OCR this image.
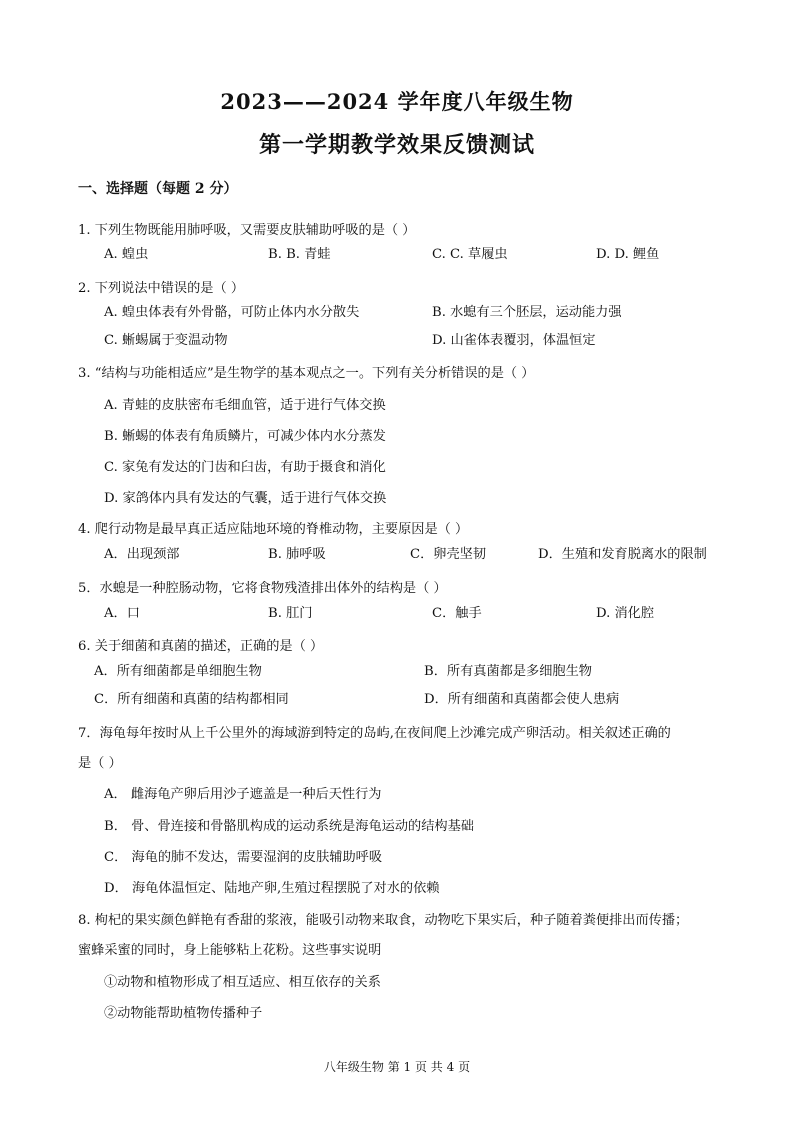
2023——2024 学年度八年级生物
第一学期教学效果反馈测试
一、选择题（每题 2 分）
1. 下列生物既能用肺呼吸，又需要皮肤辅助呼吸的是（ ）
A. 蝗虫	B. B. 青蛙	C. C. 草履虫	D. D. 鲤鱼
2. 下列说法中错误的是（ ）
A. 蝗虫体表有外骨骼，可防止体内水分散失	B. 水螅有三个胚层，运动能力强
C. 蜥蜴属于变温动物	D. 山雀体表覆羽，体温恒定
3. “结构与功能相适应”是生物学的基本观点之一。下列有关分析错误的是（ ）
A. 青蛙的皮肤密布毛细血管，适于进行气体交换
B. 蜥蜴的体表有角质鳞片，可减少体内水分蒸发
C. 家兔有发达的门齿和臼齿，有助于摄食和消化
D. 家鸽体内具有发达的气囊，适于进行气体交换
4. 爬行动物是最早真正适应陆地环境的脊椎动物，主要原因是（ ）
A．出现颈部	B. 肺呼吸	C．卵壳坚韧	D．生殖和发育脱离水的限制
5．水螅是一种腔肠动物，它将食物残渣排出体外的结构是（ ）
A．口	B. 肛门	C．触手	D. 消化腔
6. 关于细菌和真菌的描述，正确的是（ ）
A．所有细菌都是单细胞生物	B．所有真菌都是多细胞生物
C．所有细菌和真菌的结构都相同	D．所有细菌和真菌都会使人患病
7．海龟每年按时从上千公里外的海域游到特定的岛屿,在夜间爬上沙滩完成产卵活动。相关叙述正确的
是（ ）
A． 雌海龟产卵后用沙子遮盖是一种后天性行为
B． 骨、骨连接和骨骼肌构成的运动系统是海龟运动的结构基础
C． 海龟的肺不发达，需要湿润的皮肤辅助呼吸
D． 海龟体温恒定、陆地产卵,生殖过程摆脱了对水的依赖
8. 枸杞的果实颜色鲜艳有香甜的浆液，能吸引动物来取食，动物吃下果实后，种子随着粪便排出而传播；
蜜蜂采蜜的同时，身上能够粘上花粉。这些事实说明
①动物和植物形成了相互适应、相互依存的关系
②动物能帮助植物传播种子
八年级生物 第 1 页 共 4 页
